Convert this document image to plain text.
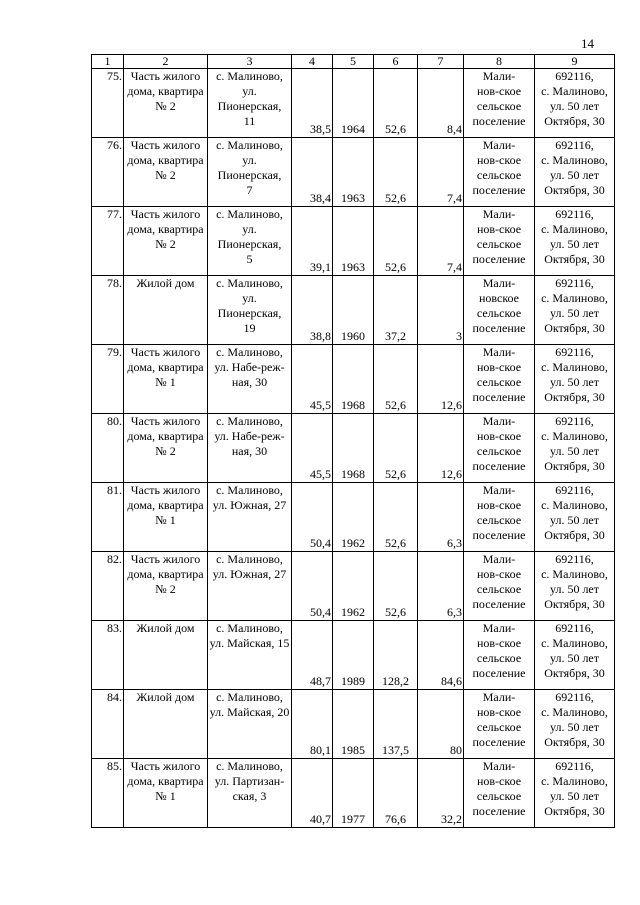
14
1	2	3	4	5	6	7	8	9

75.	Часть жилого
дома, квартира
№ 2	с. Малиново,
ул. Пионерская,
11	38,5	1964	52,6	8,4	Мали-
нов-ское
сельское
поселение	692116,
с. Малиново,
ул. 50 лет
Октября, 30

76.	Часть жилого
дома, квартира
№ 2	с. Малиново,
ул. Пионерская,
7	38,4	1963	52,6	7,4	Мали-
нов-ское
сельское
поселение	692116,
с. Малиново,
ул. 50 лет
Октября, 30

77.	Часть жилого
дома, квартира
№ 2	с. Малиново,
ул. Пионерская,
5	39,1	1963	52,6	7,4	Мали-
нов-ское
сельское
поселение	692116,
с. Малиново,
ул. 50 лет
Октября, 30

78.	Жилой дом	с. Малиново,
ул. Пионерская,
19	38,8	1960	37,2	3	Мали-
новское
сельское
поселение	692116,
с. Малиново,
ул. 50 лет
Октября, 30

79.	Часть жилого
дома, квартира
№ 1	с. Малиново,
ул. Набе-реж-
ная, 30	45,5	1968	52,6	12,6	Мали-
нов-ское
сельское
поселение	692116,
с. Малиново,
ул. 50 лет
Октября, 30

80.	Часть жилого
дома, квартира
№ 2	с. Малиново,
ул. Набе-реж-
ная, 30	45,5	1968	52,6	12,6	Мали-
нов-ское
сельское
поселение	692116,
с. Малиново,
ул. 50 лет
Октября, 30

81.	Часть жилого
дома, квартира
№ 1	с. Малиново,
ул. Южная, 27	50,4	1962	52,6	6,3	Мали-
нов-ское
сельское
поселение	692116,
с. Малиново,
ул. 50 лет
Октября, 30

82.	Часть жилого
дома, квартира
№ 2	с. Малиново,
ул. Южная, 27	50,4	1962	52,6	6,3	Мали-
нов-ское
сельское
поселение	692116,
с. Малиново,
ул. 50 лет
Октября, 30

83.	Жилой дом	с. Малиново,
ул. Майская, 15	48,7	1989	128,2	84,6	Мали-
нов-ское
сельское
поселение	692116,
с. Малиново,
ул. 50 лет
Октября, 30

84.	Жилой дом	с. Малиново,
ул. Майская, 20	80,1	1985	137,5	80	Мали-
нов-ское
сельское
поселение	692116,
с. Малиново,
ул. 50 лет
Октября, 30

85.	Часть жилого
дома, квартира
№ 1	с. Малиново,
ул. Партизан-
ская, 3	40,7	1977	76,6	32,2	Мали-
нов-ское
сельское
поселение	692116,
с. Малиново,
ул. 50 лет
Октября, 30
